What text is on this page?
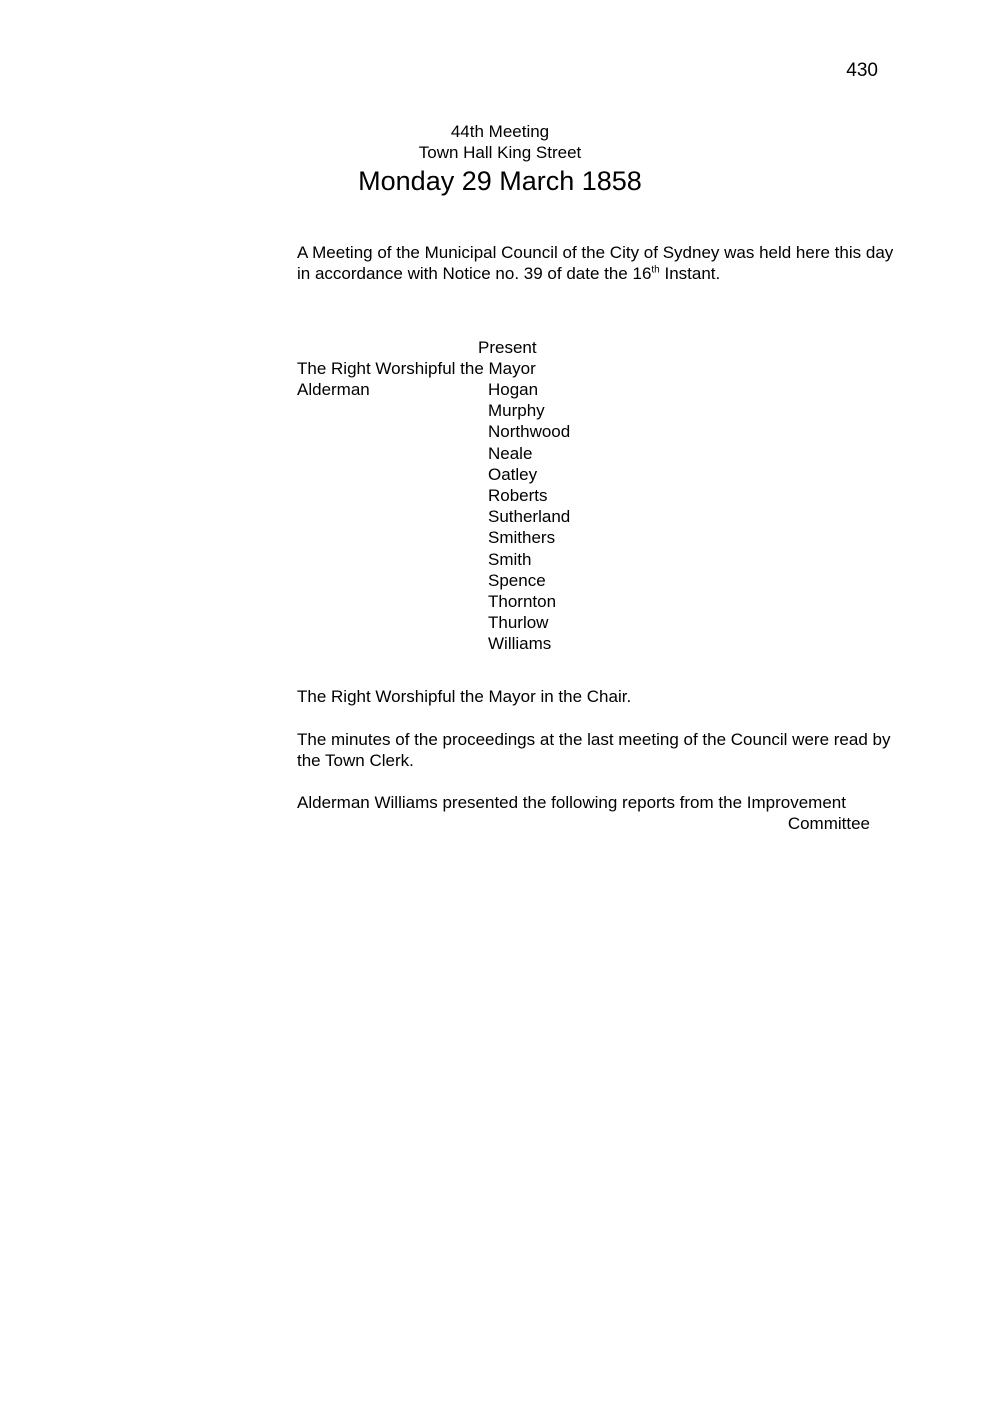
430
44th Meeting
Town Hall King Street
Monday 29 March 1858
A Meeting of the Municipal Council of the City of Sydney was held here this day in accordance with Notice no. 39 of date the 16th Instant.
Present
The Right Worshipful the Mayor
Alderman	Hogan
Murphy
Northwood
Neale
Oatley
Roberts
Sutherland
Smithers
Smith
Spence
Thornton
Thurlow
Williams
The Right Worshipful the Mayor in the Chair.
The minutes of the proceedings at the last meeting of the Council were read by the Town Clerk.
Alderman Williams presented the following reports from the Improvement
Committee
